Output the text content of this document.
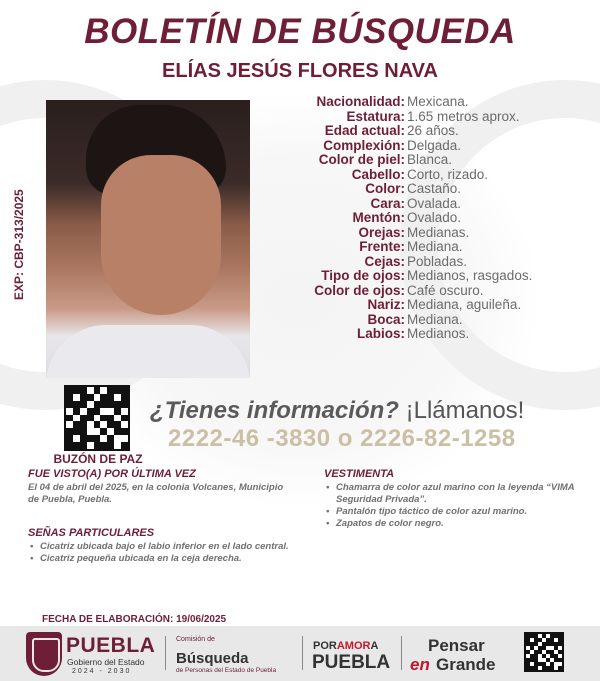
BOLETÍN DE BÚSQUEDA
ELÍAS JESÚS FLORES NAVA
EXP: CBP-313/2025
Nacionalidad: Mexicana.
Estatura: 1.65 metros aprox.
Edad actual: 26 años.
Complexión: Delgada.
Color de piel: Blanca.
Cabello: Corto, rizado.
Color: Castaño.
Cara: Ovalada.
Mentón: Ovalado.
Orejas: Medianas.
Frente: Mediana.
Cejas: Pobladas.
Tipo de ojos: Medianos, rasgados.
Color de ojos: Café oscuro.
Nariz: Mediana, aguileña.
Boca: Mediana.
Labios: Medianos.
BUZÓN DE PAZ
¿Tienes información? ¡Llámanos!
2222-46 -3830 o 2226-82-1258
FUE VISTO(A) POR ÚLTIMA VEZ
El 04 de abril del 2025, en la colonia Volcanes, Municipio de Puebla, Puebla.
VESTIMENTA
• Chamarra de color azul marino con la leyenda “VIMA Seguridad Privada”.
• Pantalón tipo táctico de color azul marino.
• Zapatos de color negro.
SEÑAS PARTICULARES
• Cicatriz ubicada bajo el labio inferior en el lado central.
• Cicatriz pequeña ubicada en la ceja derecha.
FECHA DE ELABORACIÓN: 19/06/2025
PUEBLA
Gobierno del Estado
2024 - 2030
Comisión de
Búsqueda
de Personas del Estado de Puebla
PORAMORA
PUEBLA
Pensar
en Grande
